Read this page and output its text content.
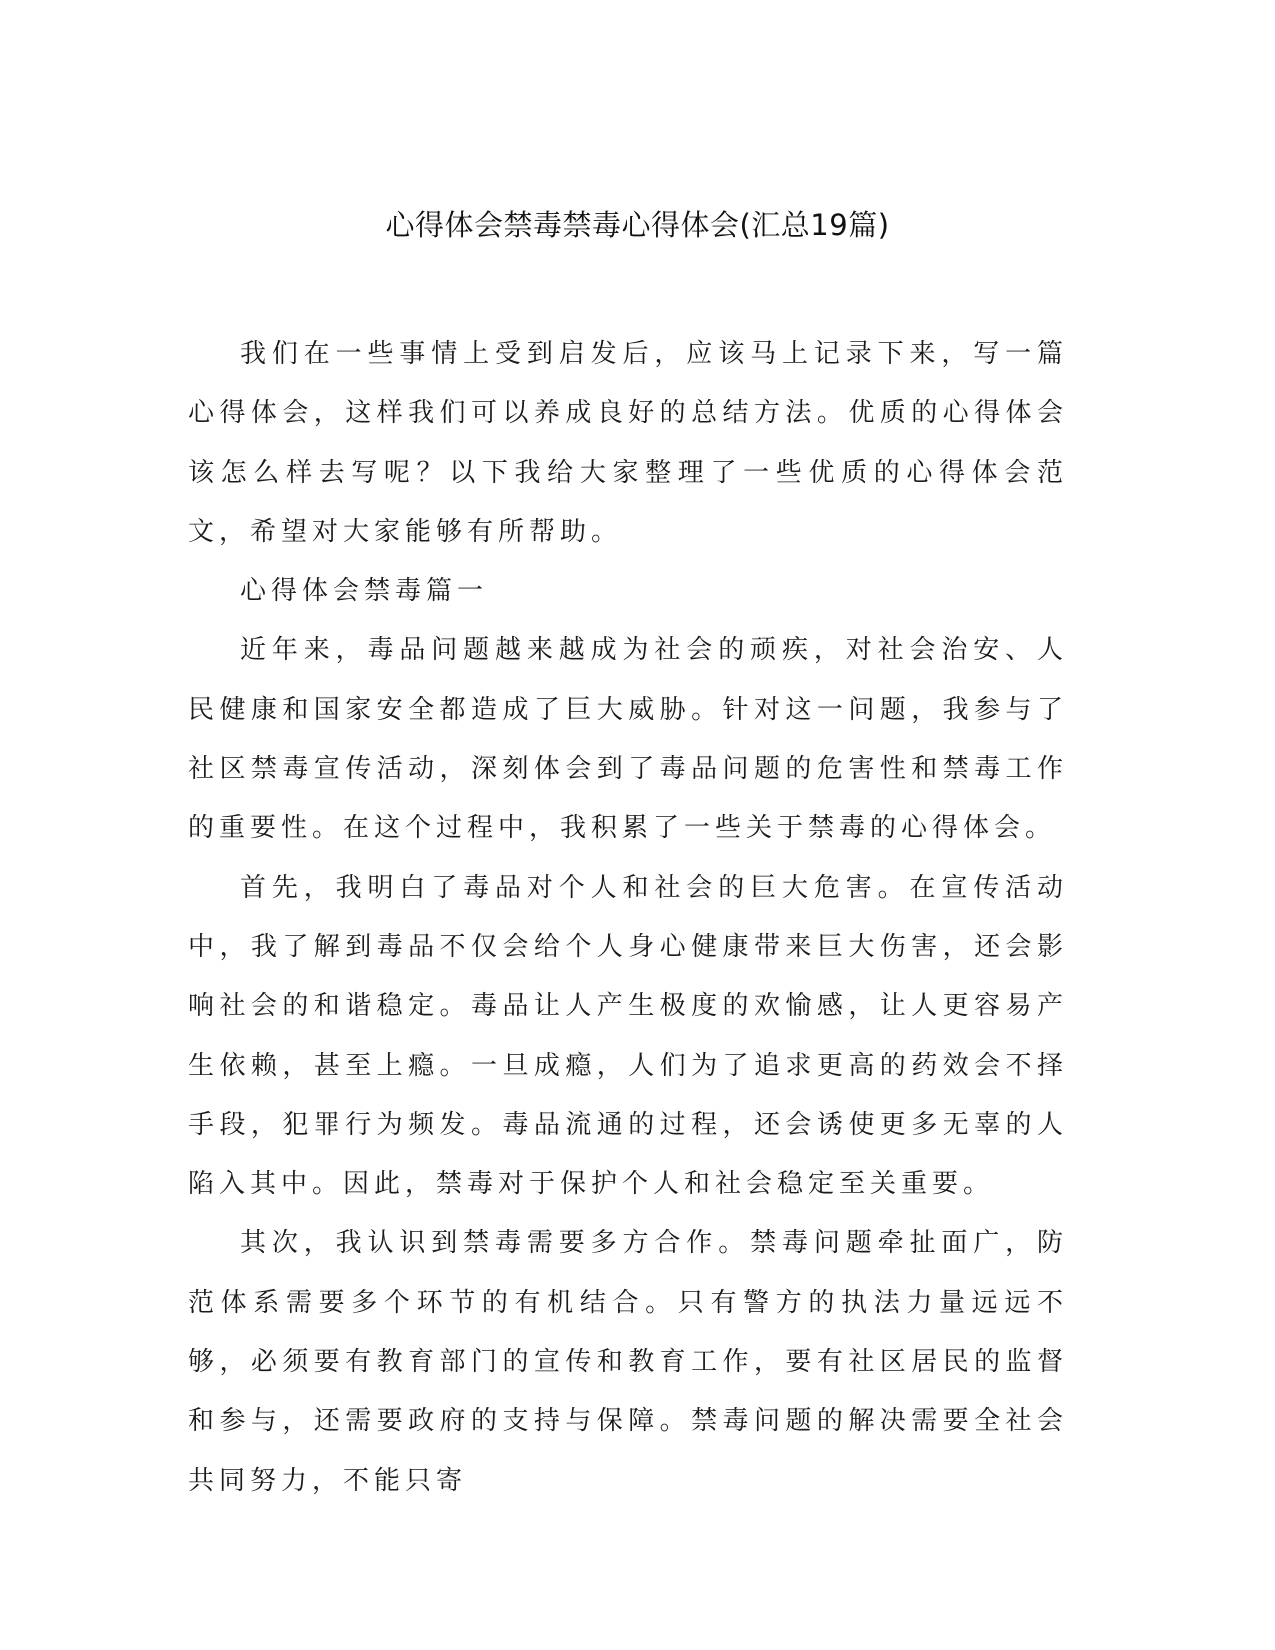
心得体会禁毒禁毒心得体会(汇总19篇)

我们在一些事情上受到启发后，应该马上记录下来，写一篇心得体会，这样我们可以养成良好的总结方法。优质的心得体会该怎么样去写呢？以下我给大家整理了一些优质的心得体会范文，希望对大家能够有所帮助。

心得体会禁毒篇一

近年来，毒品问题越来越成为社会的顽疾，对社会治安、人民健康和国家安全都造成了巨大威胁。针对这一问题，我参与了社区禁毒宣传活动，深刻体会到了毒品问题的危害性和禁毒工作的重要性。在这个过程中，我积累了一些关于禁毒的心得体会。

首先，我明白了毒品对个人和社会的巨大危害。在宣传活动中，我了解到毒品不仅会给个人身心健康带来巨大伤害，还会影响社会的和谐稳定。毒品让人产生极度的欢愉感，让人更容易产生依赖，甚至上瘾。一旦成瘾，人们为了追求更高的药效会不择手段，犯罪行为频发。毒品流通的过程，还会诱使更多无辜的人陷入其中。因此，禁毒对于保护个人和社会稳定至关重要。

其次，我认识到禁毒需要多方合作。禁毒问题牵扯面广，防范体系需要多个环节的有机结合。只有警方的执法力量远远不够，必须要有教育部门的宣传和教育工作，要有社区居民的监督和参与，还需要政府的支持与保障。禁毒问题的解决需要全社会共同努力，不能只寄
